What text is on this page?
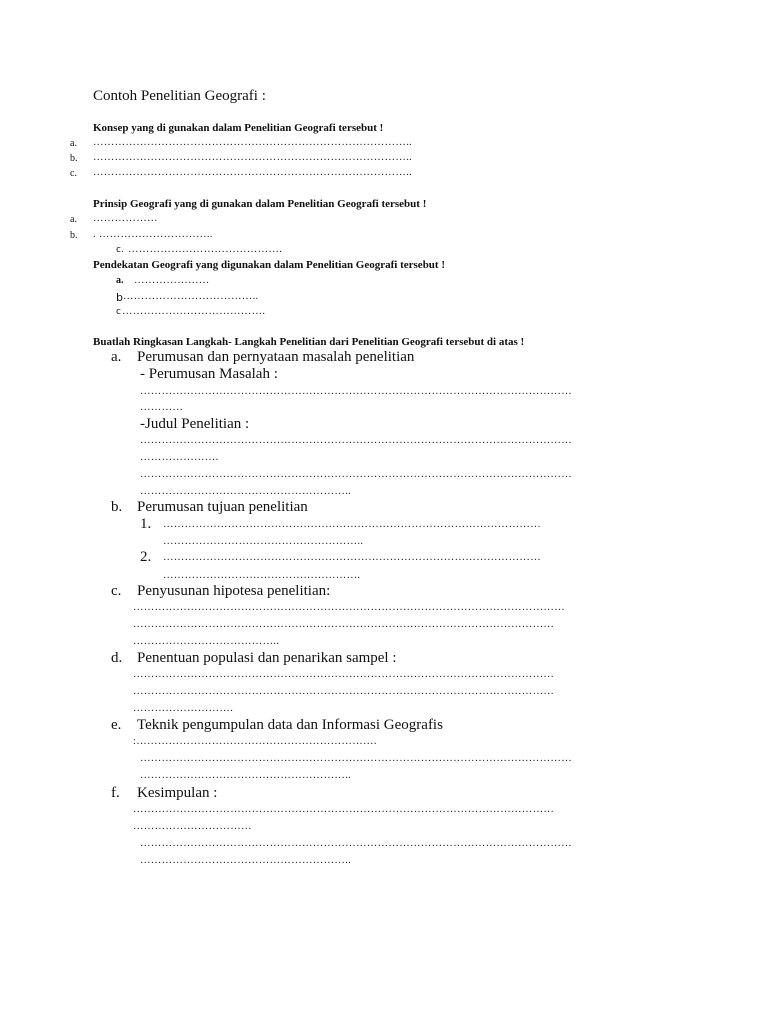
Contoh Penelitian Geografi :
Konsep yang di gunakan dalam Penelitian Geografi tersebut !
a. ……………………………………………………………………………..
b. ……………………………………………………………………………..
c. ……………………………………………………………………………..
Prinsip Geografi yang di gunakan dalam Penelitian Geografi tersebut !
a. ………………
b. . …………………………..
c. …………………………………….
Pendekatan Geografi yang digunakan dalam Penelitian Geografi tersebut !
a. …………………
b ………………………………..
c ………………………………….
Buatlah Ringkasan Langkah- Langkah Penelitian dari Penelitian Geografi tersebut di atas !
a. Perumusan dan pernyataan masalah penelitian
- Perumusan Masalah :
…………………………………………………………………………………………………………
…………
-Judul Penelitian :
…………………………………………………………………………………………………………
………………….
…………………………………………………………………………………………………………
…………………………………………………..
b. Perumusan tujuan penelitian
1. ……………………………………………………………………………………………
………………………………………………..
2. ……………………………………………………………………………………………
……………………………………………….
c. Penyusunan hipotesa penelitian:
…………………………………………………………………………………………………………
………………………………………………………………………………………………………
…………………………………..
d. Penentuan populasi dan penarikan sampel :
………………………………………………………………………………………………………
………………………………………………………………………………………………………
……………………….
e. Teknik pengumpulan data dan Informasi Geografis
:………………………………………………………….
…………………………………………………………………………………………………………
…………………………………………………..
f. Kesimpulan :
………………………………………………………………………………………………………
……………………………
…………………………………………………………………………………………………………
…………………………………………………..
